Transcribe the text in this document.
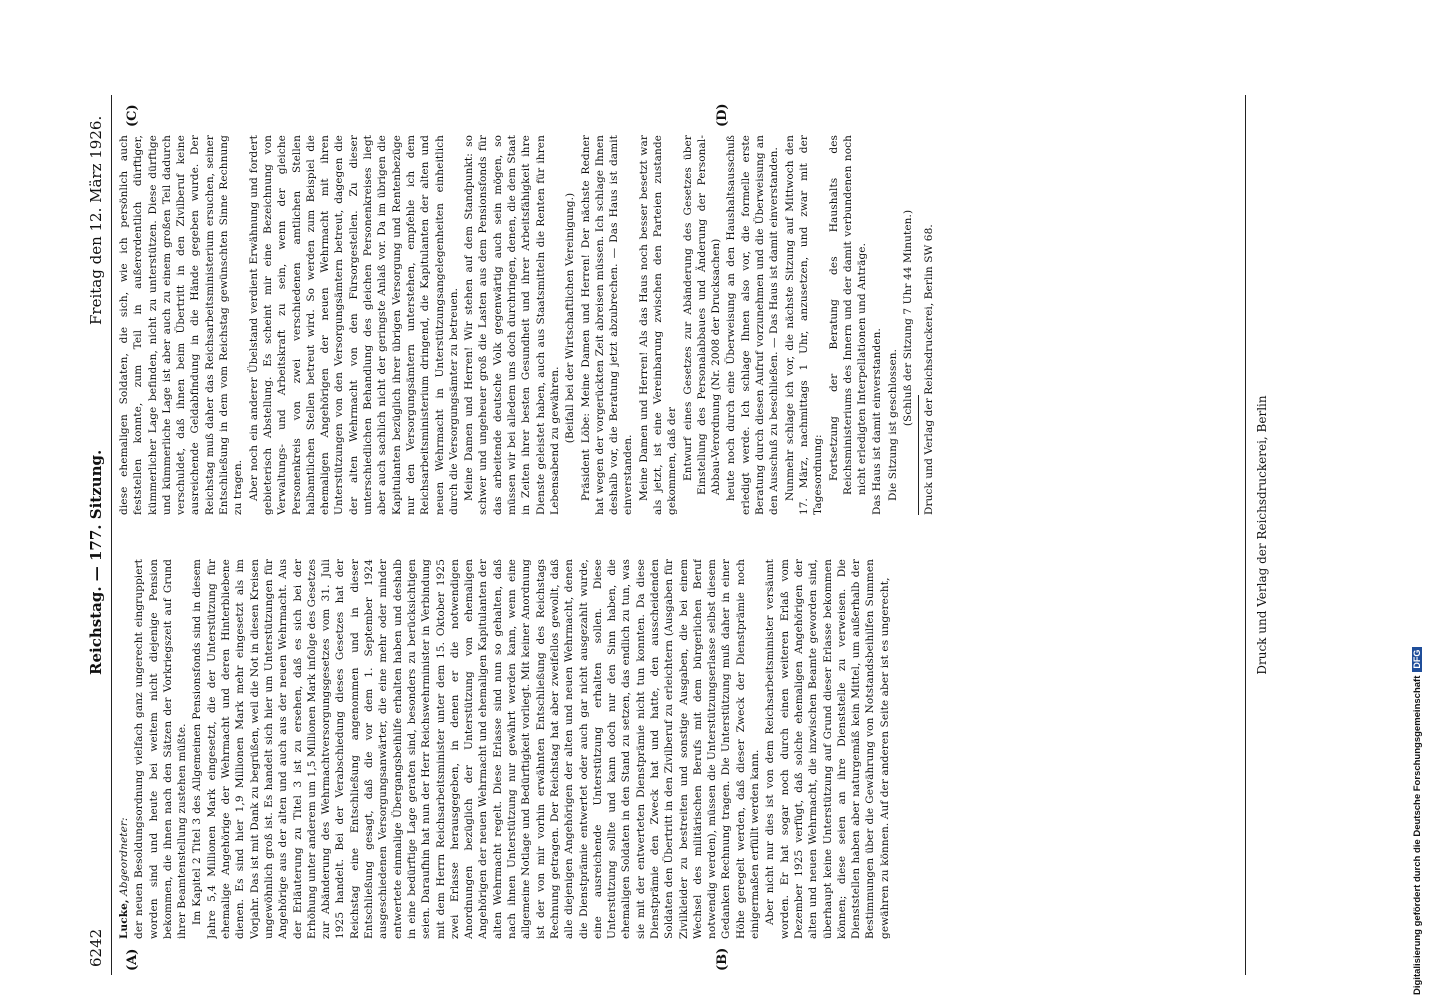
6242
Reichstag. — 177. Sitzung.
Freitag den 12. März 1926.
(A)	(B)
(C)	(D)

Lucke, Abgeordneter: der neuen Besoldungsordnung vielfach ganz ungerecht eingruppiert worden sind und heute bei weitem nicht diejenige Pension bekommen, die ihnen nach den Sätzen der Vorkriegszeit auf Grund ihrer Beamtenstellung zustehen müßte. Im Kapitel 2 Titel 3 des Allgemeinen Pensionsfonds sind in diesem Jahre 5,4 Millionen Mark eingesetzt, die der Unterstützung für ehemalige Angehörige der Wehrmacht und deren Hinterbliebene dienen. Es sind hier 1,9 Millionen Mark mehr eingesetzt als im Vorjahr. Das ist mit Dank zu begrüßen, weil die Not in diesen Kreisen ungewöhnlich groß ist. Es handelt sich hier um Unterstützungen für Angehörige aus der alten und auch aus der neuen Wehrmacht. Aus der Erläuterung zu Titel 3 ist zu ersehen, daß es sich bei der Erhöhung unter anderem um 1,5 Millionen Mark infolge des Gesetzes zur Abänderung des Wehrmachtversorgungsgesetzes vom 31. Juli 1925 handelt. Bei der Verabschiedung dieses Gesetzes hat der Reichstag eine Entschließung angenommen und in dieser Entschließung gesagt, daß die vor dem 1. September 1924 ausgeschiedenen Versorgungsanwärter, die eine mehr oder minder entwertete einmalige Übergangsbeihilfe erhalten haben und deshalb in eine bedürftige Lage geraten sind, besonders zu berücksichtigen seien. Daraufhin hat nun der Herr Reichswehrminister in Verbindung mit dem Herrn Reichsarbeitsminister unter dem 15. Oktober 1925 zwei Erlasse herausgegeben, in denen er die notwendigen Anordnungen bezüglich der Unterstützung von ehemaligen Angehörigen der neuen Wehrmacht und ehemaligen Kapitulanten der alten Wehrmacht regelt. Diese Erlasse sind nun so gehalten, daß nach ihnen Unterstützung nur gewährt werden kann, wenn eine allgemeine Notlage und Bedürftigkeit vorliegt. Mit keiner Anordnung ist der von mir vorhin erwähnten Entschließung des Reichstags Rechnung getragen. Der Reichstag hat aber zweifellos gewollt, daß alle diejenigen Angehörigen der alten und neuen Wehrmacht, denen die Dienstprämie entwertet oder auch gar nicht ausgezahlt wurde, eine ausreichende Unterstützung erhalten sollen. Diese Unterstützung sollte und kann doch nur den Sinn haben, die ehemaligen Soldaten in den Stand zu setzen, das endlich zu tun, was sie mit der entwerteten Dienstprämie nicht tun konnten. Da diese Dienstprämie den Zweck hat und hatte, den ausscheidenden Soldaten den Übertritt in den Zivilberuf zu erleichtern (Ausgaben für Zivilkleider zu bestreiten und sonstige Ausgaben, die bei einem Wechsel des militärischen Berufs mit dem bürgerlichen Beruf notwendig werden), müssen die Unterstützungserlasse selbst diesem Gedanken Rechnung tragen. Die Unterstützung muß daher in einer Höhe geregelt werden, daß dieser Zweck der Dienstprämie noch einigermaßen erfüllt werden kann. Aber nicht nur dies ist von dem Reichsarbeitsminister versäumt worden. Er hat sogar noch durch einen weiteren Erlaß vom Dezember 1925 verfügt, daß solche ehemaligen Angehörigen der alten und neuen Wehrmacht, die inzwischen Beamte geworden sind, überhaupt keine Unterstützung auf Grund dieser Erlasse bekommen können; diese seien an ihre Dienststelle zu verweisen. Die Dienststellen haben aber naturgemäß kein Mittel, um außerhalb der Bestimmungen über die Gewährung von Notstandsbeihilfen Summen gewähren zu können. Auf der anderen Seite aber ist es ungerecht,

diese ehemaligen Soldaten, die sich, wie ich persönlich auch feststellen konnte, zum Teil in außerordentlich dürftiger, kümmerlicher Lage befinden, nicht zu unterstützen. Diese dürftige und kümmerliche Lage ist aber auch zu einem großen Teil dadurch verschuldet, daß ihnen beim Übertritt in den Zivilberuf keine ausreichende Geldabfindung in die Hände gegeben wurde. Der Reichstag muß daher das Reichsarbeitsministerium ersuchen, seiner Entschließung in dem vom Reichstag gewünschten Sinne Rechnung zu tragen. Aber noch ein anderer Übelstand verdient Erwähnung und fordert gebieterisch Abstellung. Es scheint mir eine Bezeichnung von Verwaltungs- und Arbeitskraft zu sein, wenn der gleiche Personenkreis von zwei verschiedenen amtlichen Stellen halbamtlichen Stellen betreut wird. So werden zum Beispiel die ehemaligen Angehörigen der neuen Wehrmacht mit ihren Unterstützungen von den Versorgungsämtern betreut, dagegen die der alten Wehrmacht von den Fürsorgestellen. Zu dieser unterschiedlichen Behandlung des gleichen Personenkreises liegt aber auch sachlich nicht der geringste Anlaß vor. Da im übrigen die Kapitulanten bezüglich ihrer übrigen Versorgung und Rentenbezüge nur den Versorgungsämtern unterstehen, empfehle ich dem Reichsarbeitsministerium dringend, die Kapitulanten der alten und neuen Wehrmacht in Unterstützungsangelegenheiten einheitlich durch die Versorgungsämter zu betreuen. Meine Damen und Herren! Wir stehen auf dem Standpunkt: so schwer und ungeheuer groß die Lasten aus dem Pensionsfonds für das arbeitende deutsche Volk gegenwärtig auch sein mögen, so müssen wir bei alledem uns doch durchringen, denen, die dem Staat in Zeiten ihrer besten Gesundheit und ihrer Arbeitsfähigkeit ihre Dienste geleistet haben, auch aus Staatsmitteln die Renten für ihren Lebensabend zu gewähren. (Beifall bei der Wirtschaftlichen Vereinigung.) Präsident Löbe: Meine Damen und Herren! Der nächste Redner hat wegen der vorgerückten Zeit abreisen müssen. Ich schlage Ihnen deshalb vor, die Beratung jetzt abzubrechen. — Das Haus ist damit einverstanden. Meine Damen und Herren! Als das Haus noch besser besetzt war als jetzt, ist eine Vereinbarung zwischen den Parteien zustande gekommen, daß der Entwurf eines Gesetzes zur Abänderung des Gesetzes über Einstellung des Personalabbaues und Änderung der Personal-Abbau-Verordnung (Nr. 2008 der Drucksachen) heute noch durch eine Überweisung an den Haushaltsausschuß erledigt werde. Ich schlage Ihnen also vor, die formelle erste Beratung durch diesen Aufruf vorzunehmen und die Überweisung an den Ausschuß zu beschließen. — Das Haus ist damit einverstanden. Nunmehr schlage ich vor, die nächste Sitzung auf Mittwoch den 17. März, nachmittags 1 Uhr, anzusetzen, und zwar mit der Tagesordnung: Fortsetzung der Beratung des Haushalts des Reichsministeriums des Innern und der damit verbundenen noch nicht erledigten Interpellationen und Anträge. Das Haus ist damit einverstanden. Die Sitzung ist geschlossen. (Schluß der Sitzung 7 Uhr 44 Minuten.) Druck und Verlag der Reichsdruckerei, Berlin SW 68.

Druck und Verlag der Reichsdruckerei, Berlin
Digitalisierung gefördert durch die Deutsche ForschungsgemeinschaftDFG
